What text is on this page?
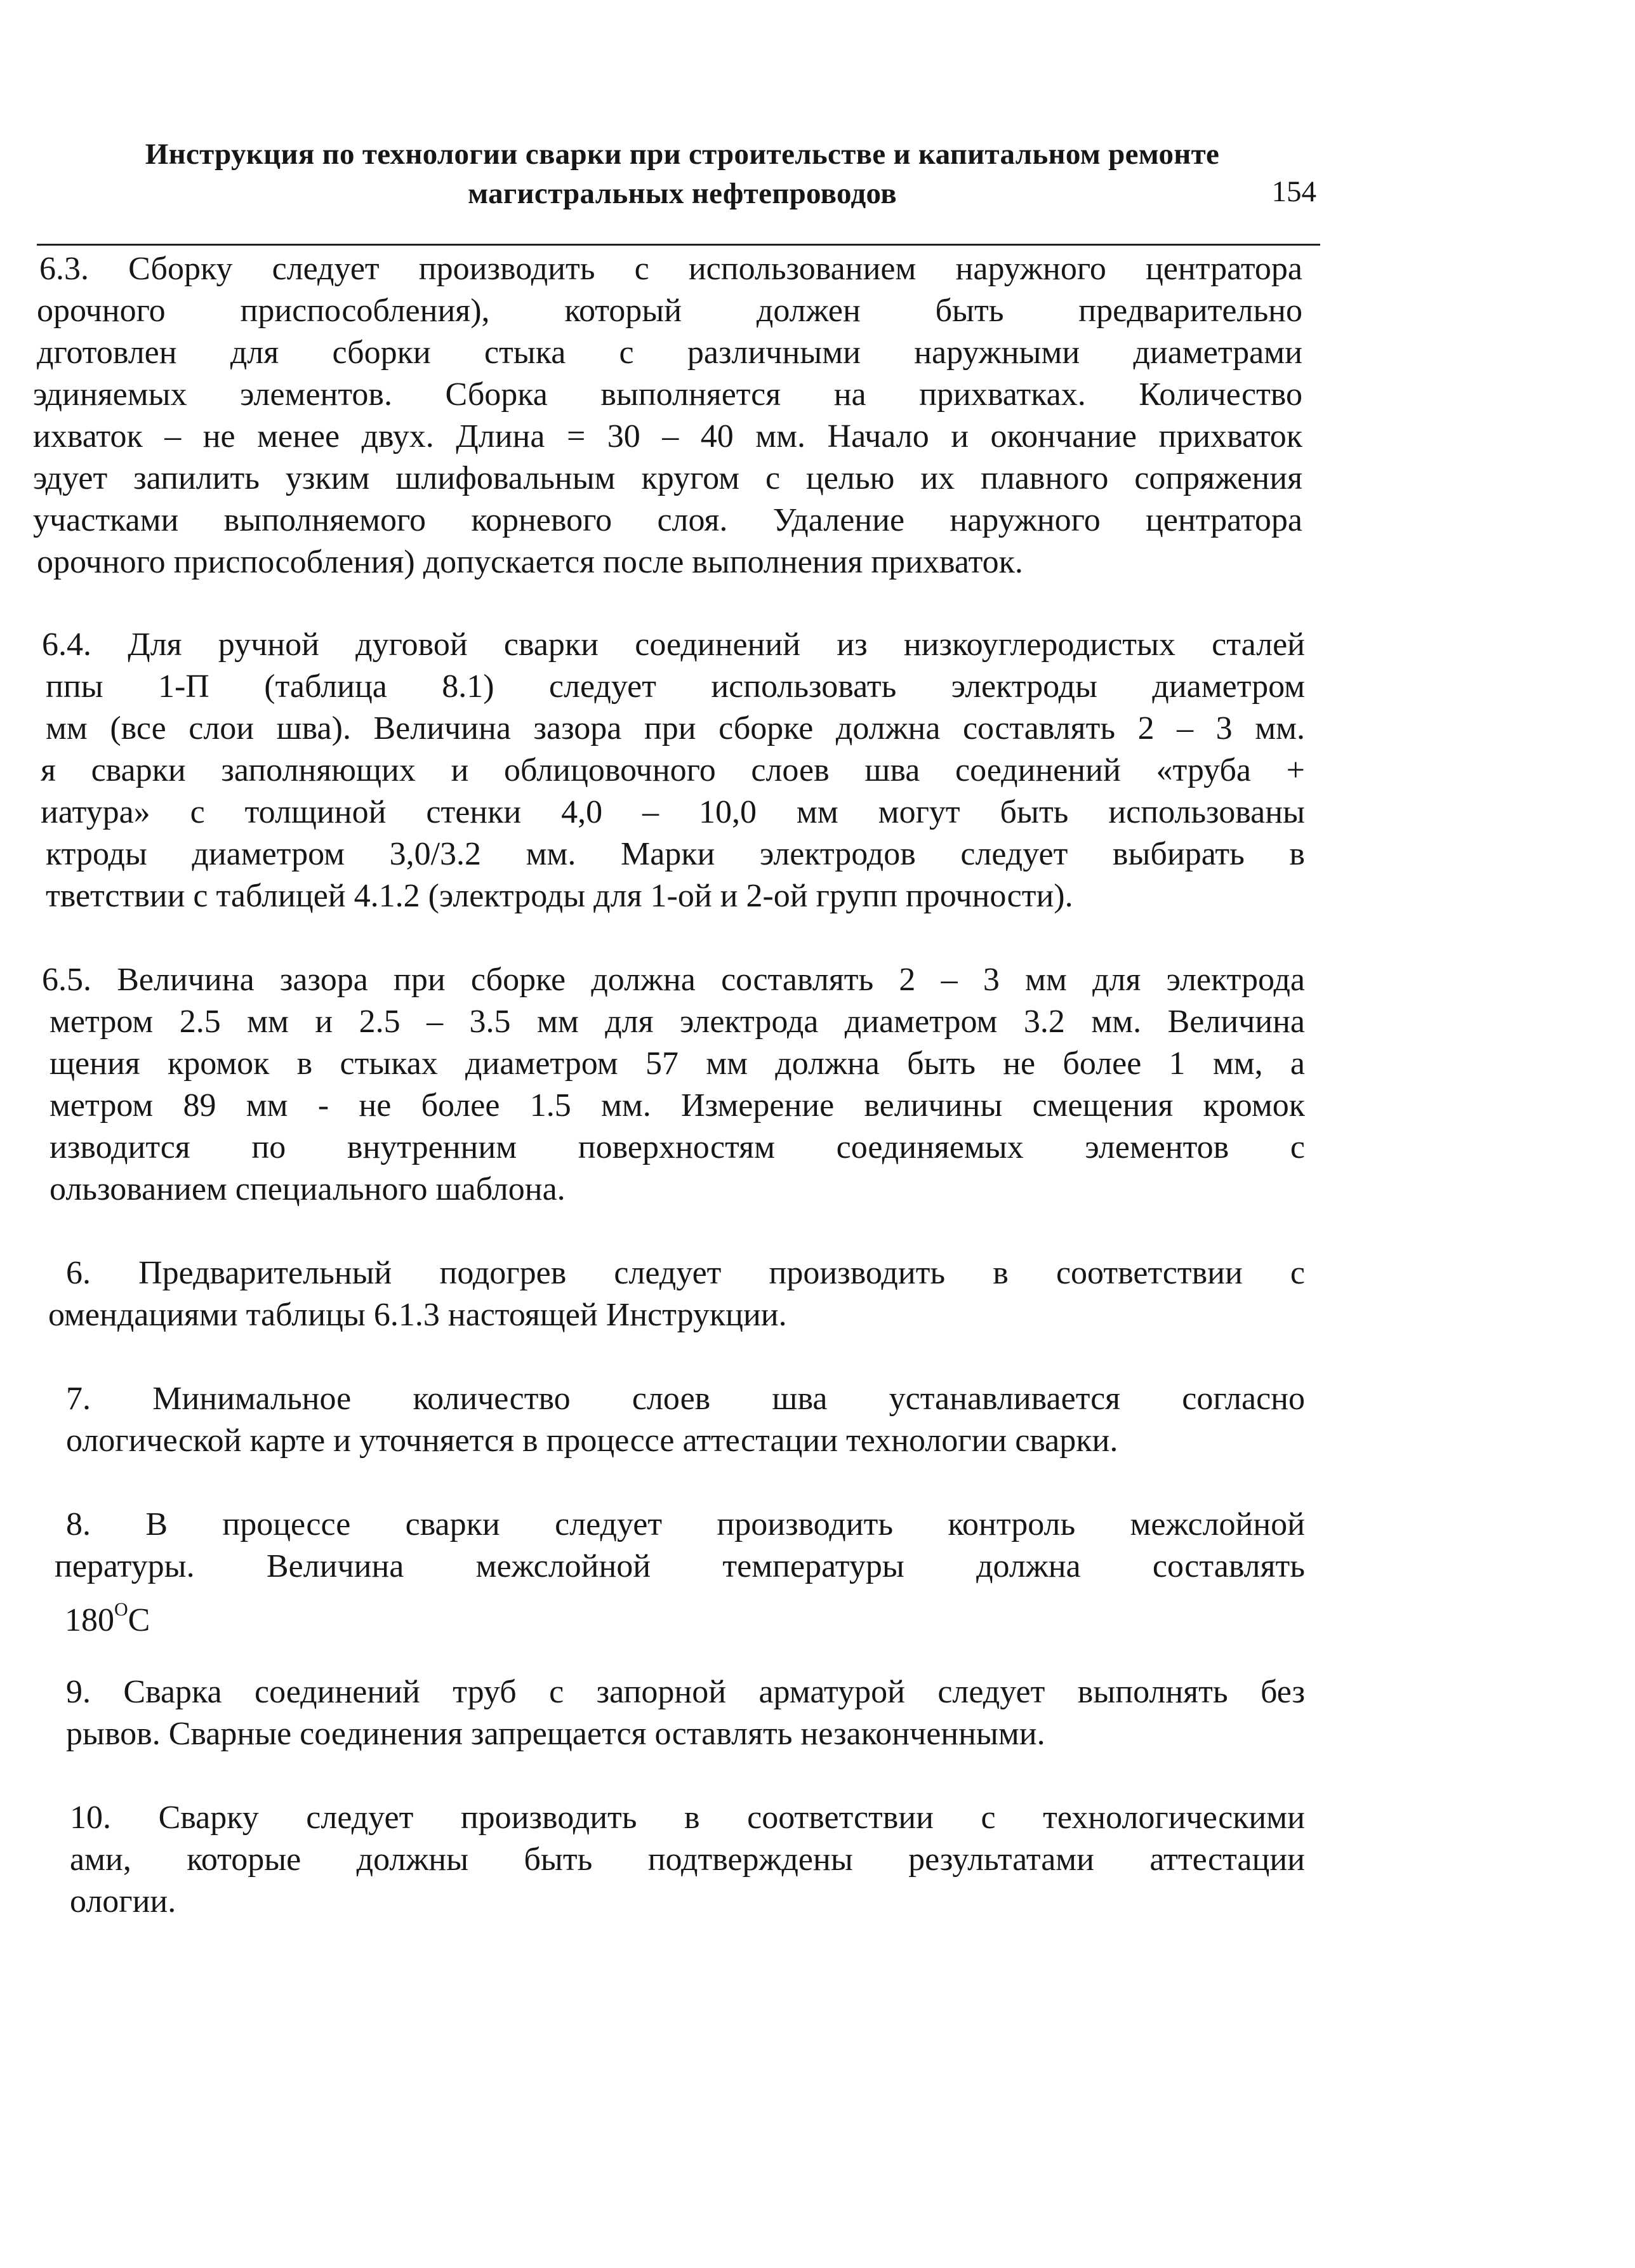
Инструкция по технологии сварки при строительстве и капитальном ремонте
магистральных нефтепроводов	154
6.3. Сборку следует производить с использованием наружного центратора
орочного приспособления), который должен быть предварительно
дготовлен для сборки стыка с различными наружными диаметрами
эдиняемых элементов. Сборка выполняется на прихватках. Количество
ихваток – не менее двух. Длина = 30 – 40 мм. Начало и окончание прихваток
эдует запилить узким шлифовальным кругом с целью их плавного сопряжения
участками выполняемого корневого слоя. Удаление наружного центратора
орочного приспособления) допускается после выполнения прихваток.
6.4. Для ручной дуговой сварки соединений из низкоуглеродистых сталей
ппы 1-П (таблица 8.1) следует использовать электроды диаметром
мм (все слои шва). Величина зазора при сборке должна составлять 2 – 3 мм.
я сварки заполняющих и облицовочного слоев шва соединений «труба +
иатура» с толщиной стенки 4,0 – 10,0 мм могут быть использованы
ктроды диаметром 3,0/3.2 мм. Марки электродов следует выбирать в
тветствии с таблицей 4.1.2 (электроды для 1-ой и 2-ой групп прочности).
6.5. Величина зазора при сборке должна составлять 2 – 3 мм для электрода
метром 2.5 мм и 2.5 – 3.5 мм для электрода диаметром 3.2 мм. Величина
щения кромок в стыках диаметром 57 мм должна быть не более 1 мм, а
метром 89 мм - не более 1.5 мм. Измерение величины смещения кромок
изводится по внутренним поверхностям соединяемых элементов с
ользованием специального шаблона.
6. Предварительный подогрев следует производить в соответствии с
омендациями таблицы 6.1.3 настоящей Инструкции.
7. Минимальное количество слоев шва устанавливается согласно
ологической карте и уточняется в процессе аттестации технологии сварки.
8. В процессе сварки следует производить контроль межслойной
пературы. Величина межслойной температуры должна составлять
$180^OC$
9. Сварка соединений труб с запорной арматурой следует выполнять без
рывов. Сварные соединения запрещается оставлять незаконченными.
10. Сварку следует производить в соответствии с технологическими
ами, которые должны быть подтверждены результатами аттестации
ологии.
